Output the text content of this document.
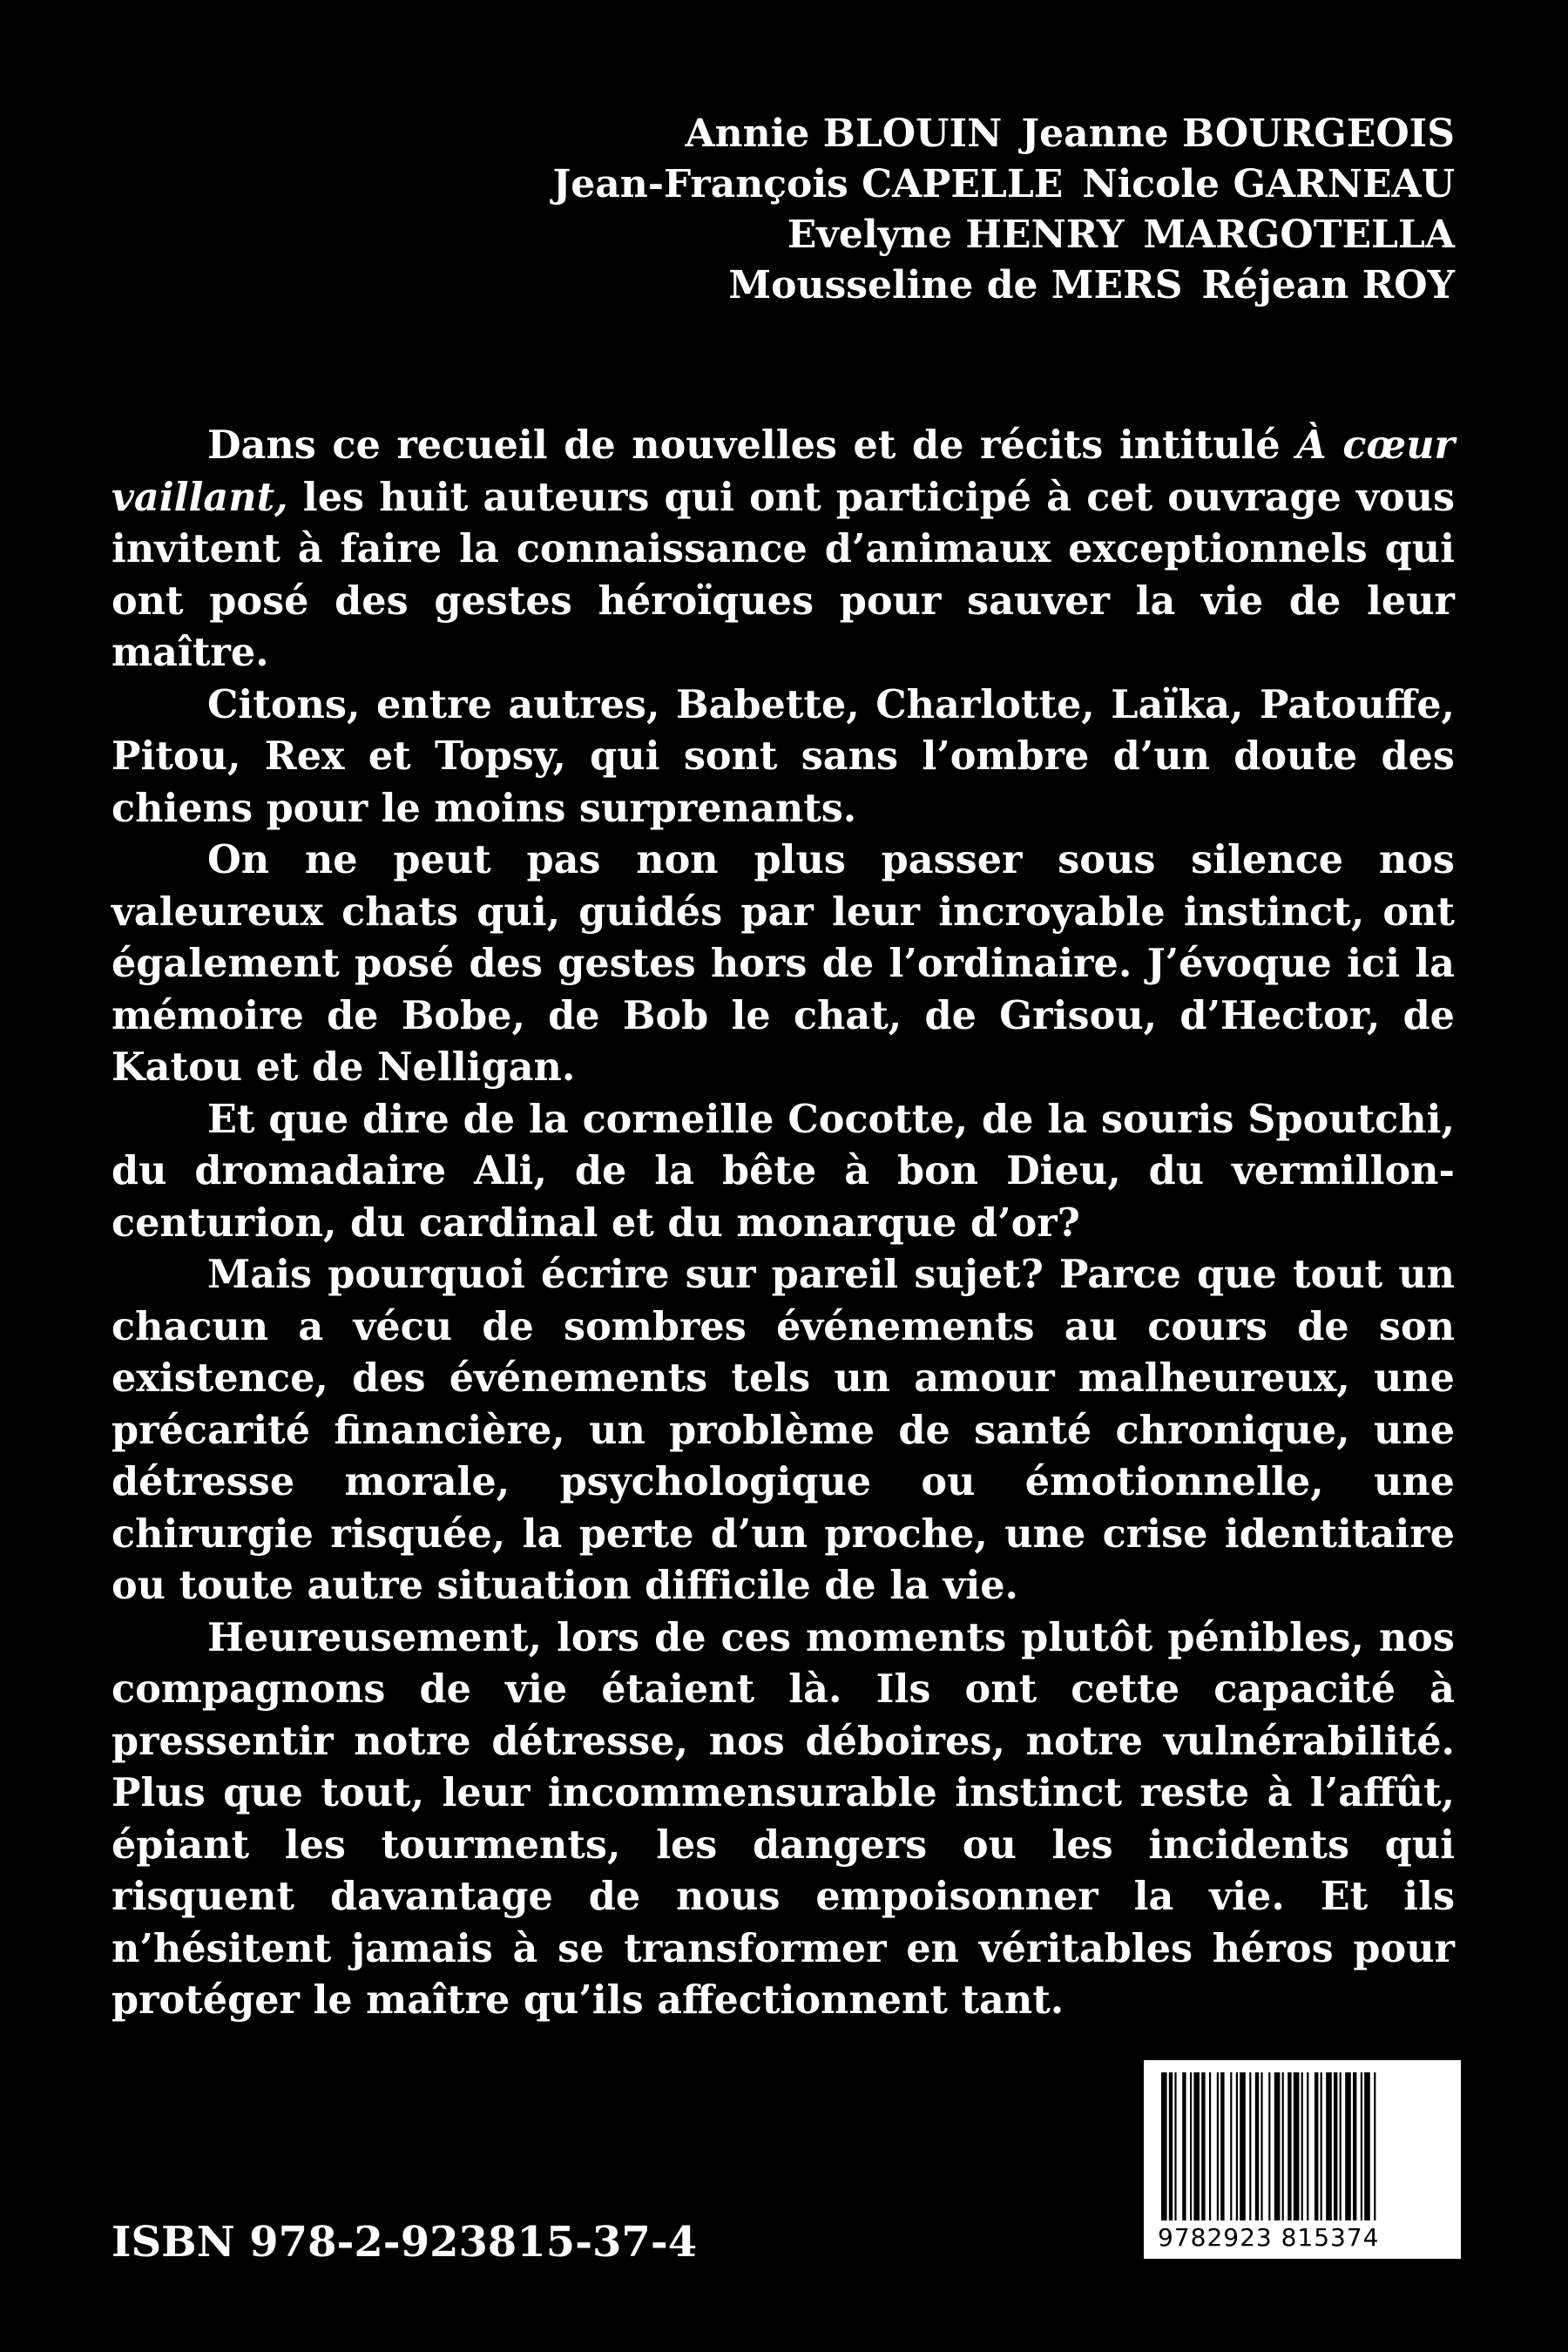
Annie BLOUIN Jeanne BOURGEOIS
Jean-François CAPELLE Nicole GARNEAU
Evelyne HENRY MARGOTELLA
Mousseline de MERS Réjean ROY

Dans ce recueil de nouvelles et de récits intitulé À cœur vaillant, les huit auteurs qui ont participé à cet ouvrage vous invitent à faire la connaissance d’animaux exceptionnels qui ont posé des gestes héroïques pour sauver la vie de leur maître.

Citons, entre autres, Babette, Charlotte, Laïka, Patouffe, Pitou, Rex et Topsy, qui sont sans l’ombre d’un doute des chiens pour le moins surprenants.

On ne peut pas non plus passer sous silence nos valeureux chats qui, guidés par leur incroyable instinct, ont également posé des gestes hors de l’ordinaire. J’évoque ici la mémoire de Bobe, de Bob le chat, de Grisou, d’Hector, de Katou et de Nelligan.

Et que dire de la corneille Cocotte, de la souris Spoutchi, du dromadaire Ali, de la bête à bon Dieu, du vermillon-centurion, du cardinal et du monarque d’or?

Mais pourquoi écrire sur pareil sujet? Parce que tout un chacun a vécu de sombres événements au cours de son existence, des événements tels un amour malheureux, une précarité financière, un problème de santé chronique, une détresse morale, psychologique ou émotionnelle, une chirurgie risquée, la perte d’un proche, une crise identitaire ou toute autre situation difficile de la vie.

Heureusement, lors de ces moments plutôt pénibles, nos compagnons de vie étaient là. Ils ont cette capacité à pressentir notre détresse, nos déboires, notre vulnérabilité. Plus que tout, leur incommensurable instinct reste à l’affût, épiant les tourments, les dangers ou les incidents qui risquent davantage de nous empoisonner la vie. Et ils n’hésitent jamais à se transformer en véritables héros pour protéger le maître qu’ils affectionnent tant.

ISBN 978-2-923815-37-4	9782923 815374
